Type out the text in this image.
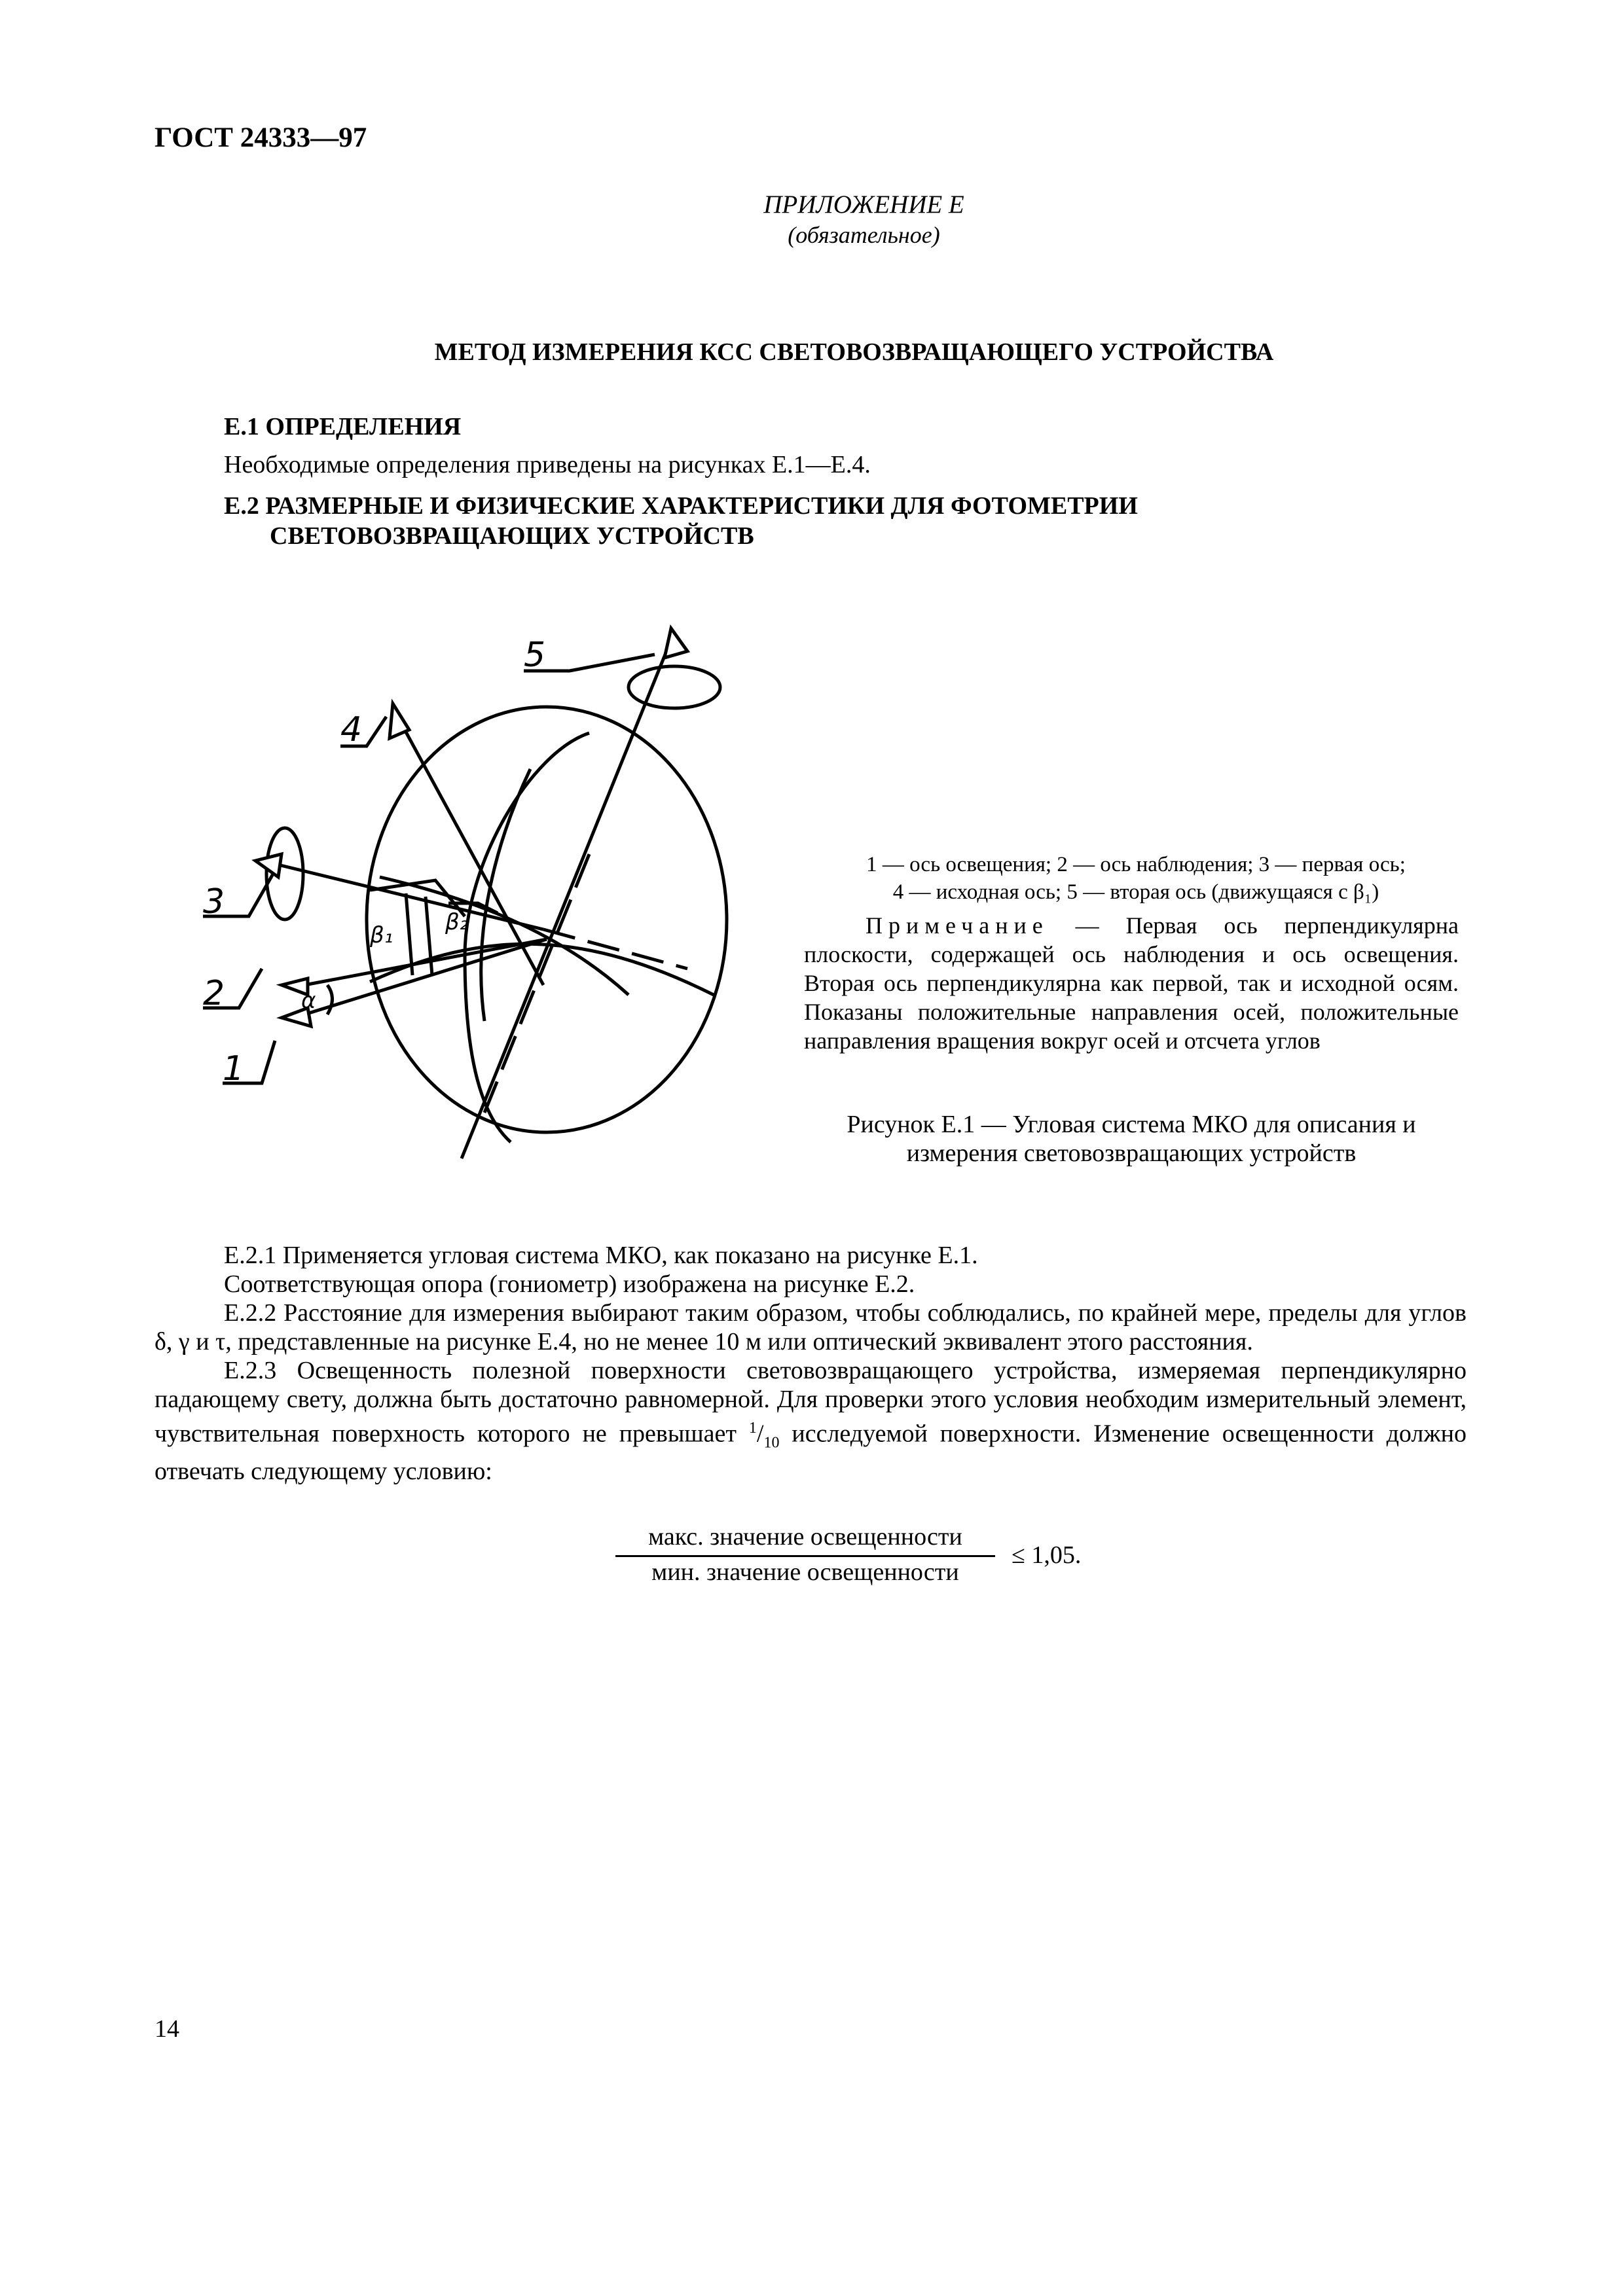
ГОСТ 24333—97
ПРИЛОЖЕНИЕ Е
(обязательное)
МЕТОД ИЗМЕРЕНИЯ КСС СВЕТОВОЗВРАЩАЮЩЕГО УСТРОЙСТВА
Е.1 ОПРЕДЕЛЕНИЯ
Необходимые определения приведены на рисунках Е.1—Е.4.
Е.2 РАЗМЕРНЫЕ И ФИЗИЧЕСКИЕ ХАРАКТЕРИСТИКИ ДЛЯ ФОТОМЕТРИИ
СВЕТОВОЗВРАЩАЮЩИХ УСТРОЙСТВ
1
2
3
4
5
α
β₁ β₂
1 — ось освещения; 2 — ось наблюдения; 3 — первая ось;
4 — исходная ось; 5 — вторая ось (движущаяся с β₁)
Примечание — Первая ось перпендикулярна плоскости, содержащей ось наблюдения и ось освещения. Вторая ось перпендикулярна как первой, так и исходной осям. Показаны положительные направления осей, положительные направления вращения вокруг осей и отсчета углов
Рисунок Е.1 — Угловая система МКО для описания и
измерения световозвращающих устройств

Е.2.1 Применяется угловая система МКО, как показано на рисунке Е.1.

Соответствующая опора (гониометр) изображена на рисунке Е.2.

Е.2.2 Расстояние для измерения выбирают таким образом, чтобы соблюдались, по крайней мере, пределы для углов δ, γ и τ, представленные на рисунке Е.4, но не менее 10 м или оптический эквивалент этого расстояния.

Е.2.3 Освещенность полезной поверхности световозвращающего устройства, измеряемая перпендикулярно падающему свету, должна быть достаточно равномерной. Для проверки этого условия необходим измерительный элемент, чувствительная поверхность которого не превышает $^1/_{10}$ исследуемой поверхности. Изменение освещенности должно отвечать следующему условию:

макс. значение освещенности
мин. значение освещенности
≤ 1,05.
14
